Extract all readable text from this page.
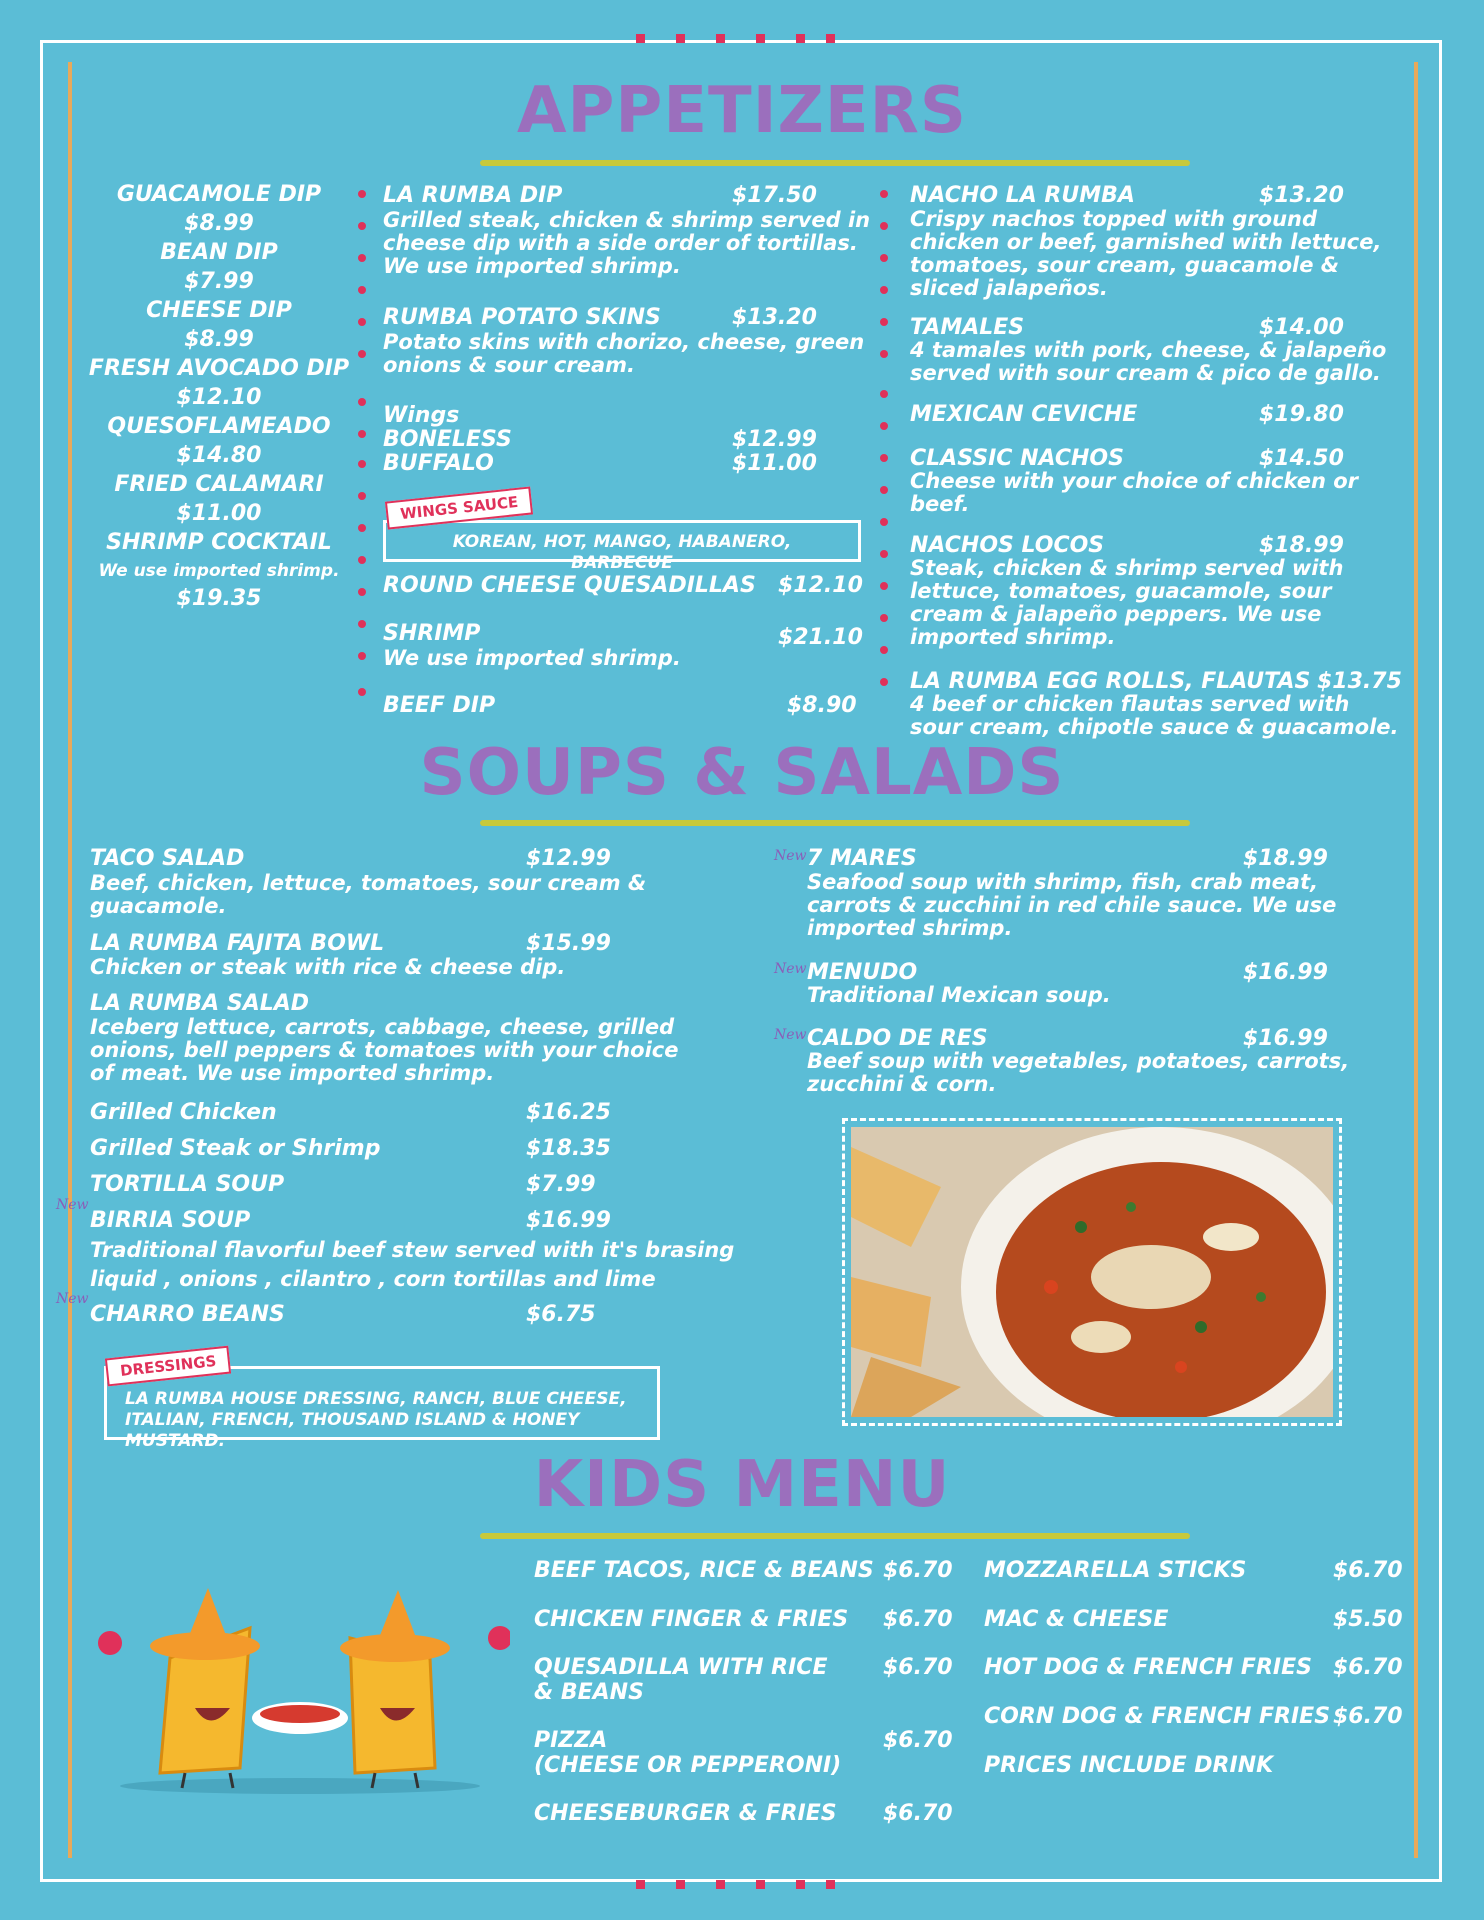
APPETIZERS
GUACAMOLE DIP
$8.99
BEAN DIP
$7.99
CHEESE DIP
$8.99
FRESH AVOCADO DIP
$12.10
QUESOFLAMEADO
$14.80
FRIED CALAMARI
$11.00
SHRIMP COCKTAIL
We use imported shrimp.
$19.35
LA RUMBA DIP	$17.50
Grilled steak, chicken & shrimp served in cheese dip with a side order of tortillas. We use imported shrimp.
RUMBA POTATO SKINS	$13.20
Potato skins with chorizo, cheese, green onions & sour cream.
Wings
BONELESS	$12.99
BUFFALO	$11.00
KOREAN, HOT, MANGO, HABANERO, BARBECUE
WINGS SAUCE
ROUND CHEESE QUESADILLAS $12.10
SHRIMP	$21.10
We use imported shrimp.
BEEF DIP	$8.90
NACHO LA RUMBA	$13.20
Crispy nachos topped with ground chicken or beef, garnished with lettuce, tomatoes, sour cream, guacamole & sliced jalapeños.
TAMALES	$14.00
4 tamales with pork, cheese, & jalapeño served with sour cream & pico de gallo.
MEXICAN CEVICHE	$19.80
CLASSIC NACHOS	$14.50
Cheese with your choice of chicken or beef.
NACHOS LOCOS	$18.99
Steak, chicken & shrimp served with lettuce, tomatoes, guacamole, sour cream & jalapeño peppers. We use imported shrimp.
LA RUMBA EGG ROLLS, FLAUTAS $13.75
4 beef or chicken flautas served with sour cream, chipotle sauce & guacamole.
SOUPS & SALADS
TACO SALAD	$12.99
Beef, chicken, lettuce, tomatoes, sour cream & guacamole.
LA RUMBA FAJITA BOWL	$15.99
Chicken or steak with rice & cheese dip.
LA RUMBA SALAD
Iceberg lettuce, carrots, cabbage, cheese, grilled onions, bell peppers & tomatoes with your choice of meat. We use imported shrimp.
Grilled Chicken	$16.25
Grilled Steak or Shrimp	$18.35
TORTILLA SOUP	$7.99
New
BIRRIA SOUP	$16.99
Traditional flavorful beef stew served with it's brasing liquid , onions , cilantro , corn tortillas and lime
New
CHARRO BEANS	$6.75
LA RUMBA HOUSE DRESSING, RANCH, BLUE CHEESE, ITALIAN, FRENCH, THOUSAND ISLAND & HONEY MUSTARD.
DRESSINGS
New 7 MARES	$18.99
Seafood soup with shrimp, fish, crab meat, carrots & zucchini in red chile sauce. We use imported shrimp.
New MENUDO	$16.99
Traditional Mexican soup.
New CALDO DE RES	$16.99
Beef soup with vegetables, potatoes, carrots, zucchini & corn.
KIDS MENU
BEEF TACOS, RICE & BEANS $6.70
CHICKEN FINGER & FRIES $6.70
QUESADILLA WITH RICE
& BEANS
$6.70
PIZZA
(CHEESE OR PEPPERONI)
$6.70
CHEESEBURGER & FRIES $6.70
MOZZARELLA STICKS	$6.70
MAC & CHEESE	$5.50
HOT DOG & FRENCH FRIES $6.70
CORN DOG & FRENCH FRIES $6.70
PRICES INCLUDE DRINK
